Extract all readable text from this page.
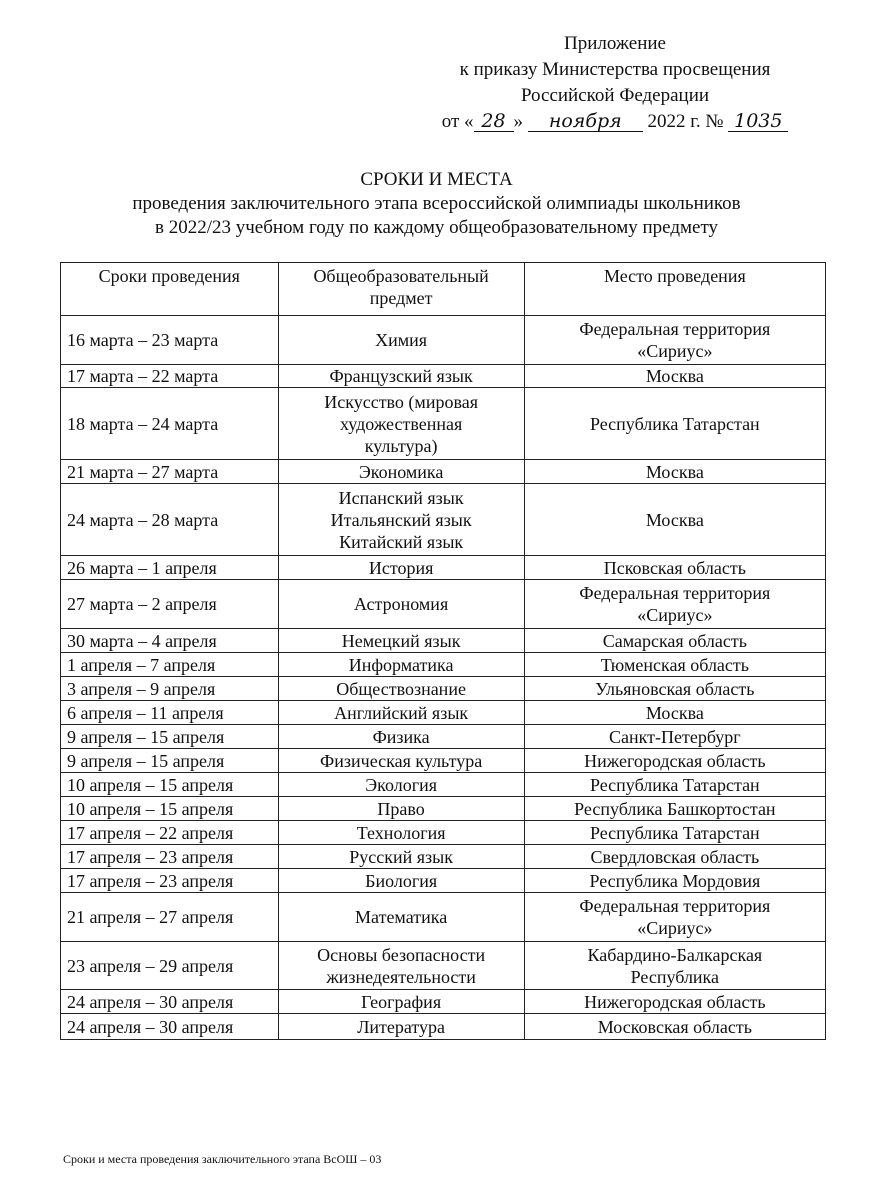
Приложение
к приказу Министерства просвещения
Российской Федерации
от « 28 » ноября 2022 г. № 1035
СРОКИ И МЕСТА
проведения заключительного этапа всероссийской олимпиады школьников
в 2022/23 учебном году по каждому общеобразовательному предмету
Сроки проведения	Общеобразовательный предмет	Место проведения
16 марта – 23 марта	Химия	Федеральная территория
«Сириус»

17 марта – 22 марта	Французский язык	Москва

18 марта – 24 марта	Искусство (мировая
художественная
культура)	Республика Татарстан

21 марта – 27 марта	Экономика	Москва

24 марта – 28 марта	Испанский язык
Итальянский язык
Китайский язык	Москва

26 марта – 1 апреля	История	Псковская область

27 марта – 2 апреля	Астрономия	Федеральная территория
«Сириус»

30 марта – 4 апреля	Немецкий язык	Самарская область

1 апреля – 7 апреля	Информатика	Тюменская область

3 апреля – 9 апреля	Обществознание	Ульяновская область

6 апреля – 11 апреля	Английский язык	Москва

9 апреля – 15 апреля	Физика	Санкт-Петербург

9 апреля – 15 апреля	Физическая культура	Нижегородская область

10 апреля – 15 апреля	Экология	Республика Татарстан

10 апреля – 15 апреля	Право	Республика Башкортостан

17 апреля – 22 апреля	Технология	Республика Татарстан

17 апреля – 23 апреля	Русский язык	Свердловская область

17 апреля – 23 апреля	Биология	Республика Мордовия

21 апреля – 27 апреля	Математика	Федеральная территория
«Сириус»

23 апреля – 29 апреля	Основы безопасности
жизнедеятельности	Кабардино-Балкарская
Республика

24 апреля – 30 апреля	География	Нижегородская область

24 апреля – 30 апреля	Литература	Московская область
Сроки и места проведения заключительного этапа ВсОШ – 03
